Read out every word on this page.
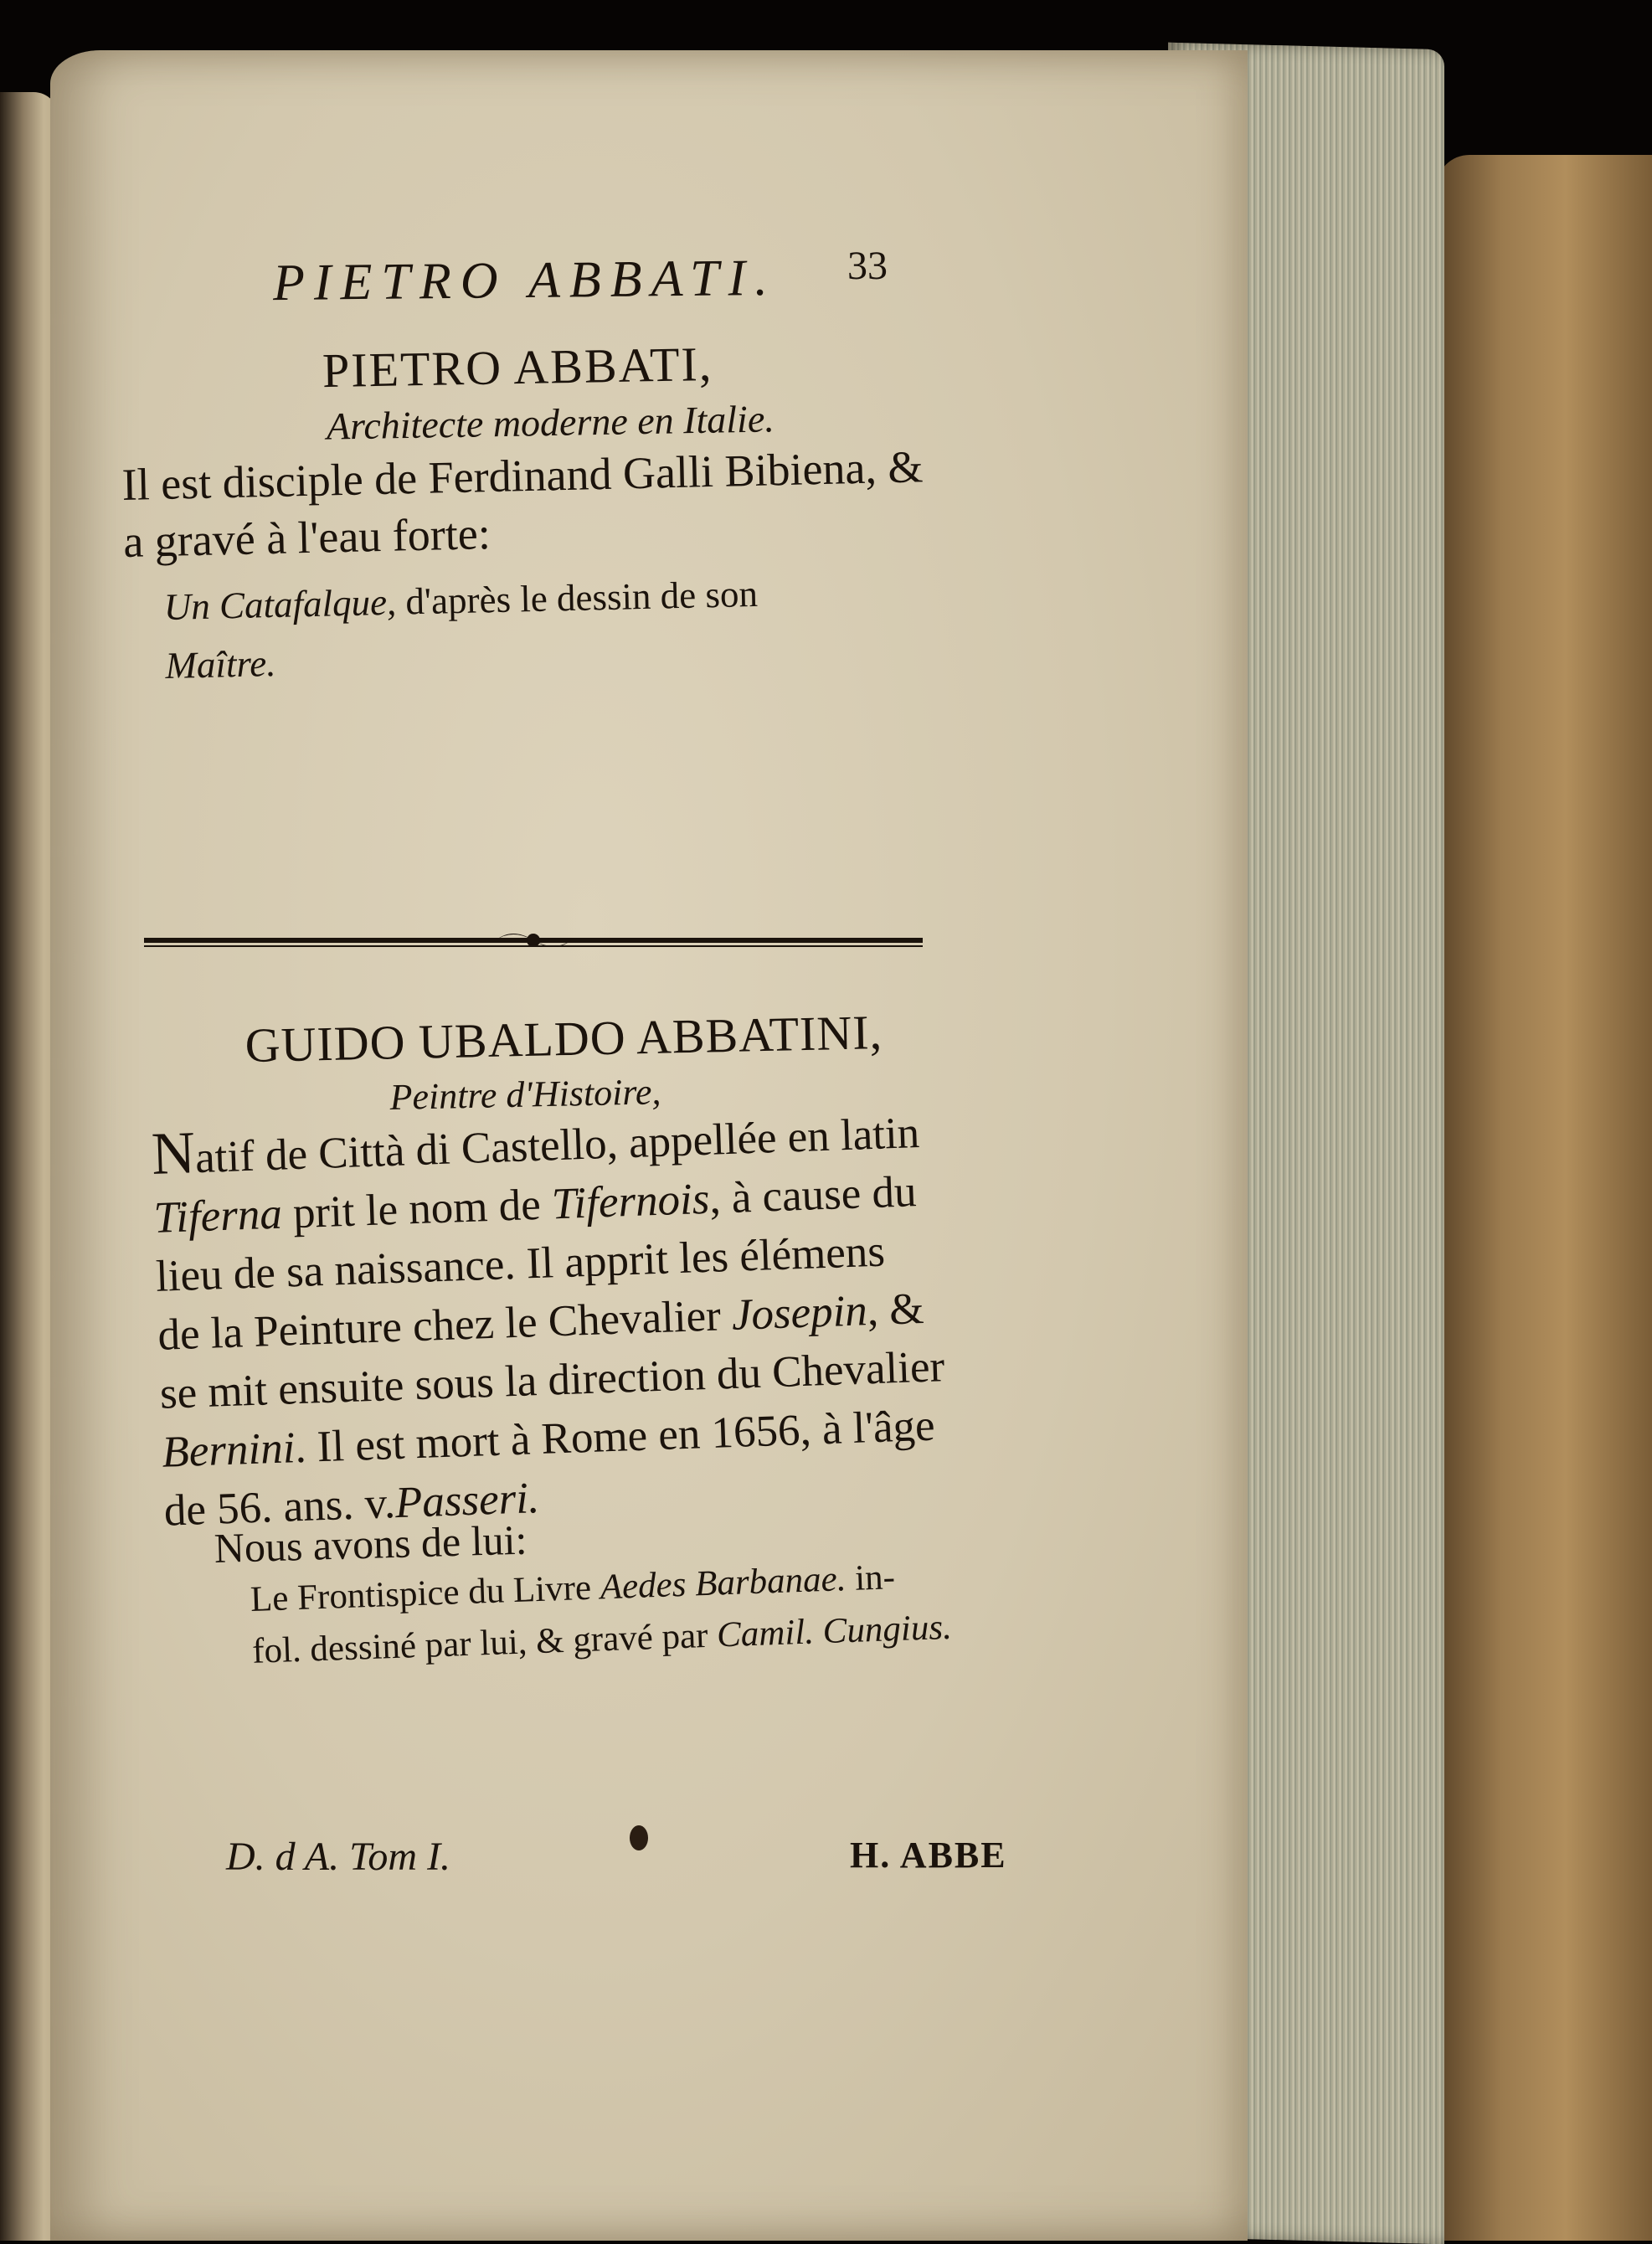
PIETRO ABBATI. 33
PIETRO ABBATI,
Architecte moderne en Italie.
Il est disciple de Ferdinand Galli Bibiena, &
a gravé à l'eau forte:
Un Catafalque, d'après le dessin de son
Maître.
GUIDO UBALDO ABBATINI,
Peintre d'Histoire,
Natif de Città di Castello, appellée en latin
Tiferna prit le nom de Tifernois, à cause du
lieu de sa naissance. Il apprit les élémens
de la Peinture chez le Chevalier Josepin, &
se mit ensuite sous la direction du Chevalier
Bernini. Il est mort à Rome en 1656, à l'âge
de 56. ans. v.Passeri.
Nous avons de lui:
Le Frontispice du Livre Aedes Barbanae. in-
fol. dessiné par lui, & gravé par Camil. Cungius.
D. d A. Tom I.	H. ABBE
